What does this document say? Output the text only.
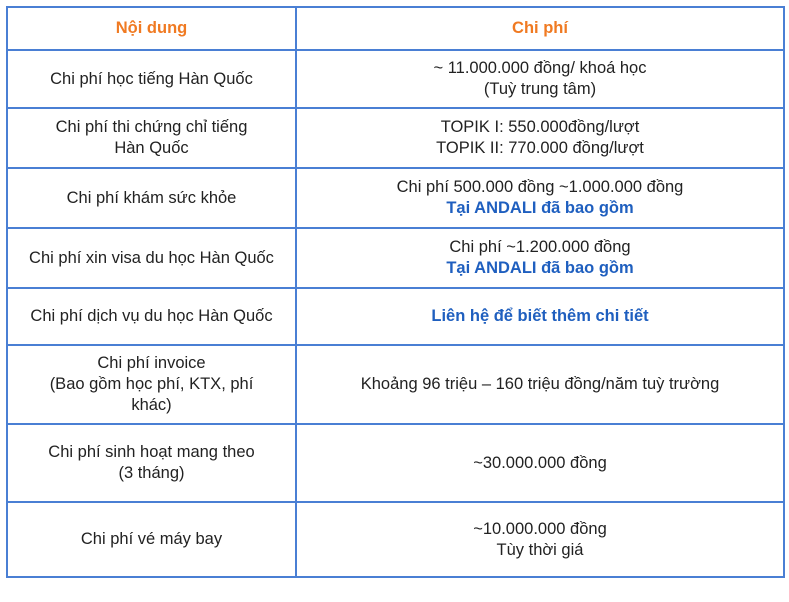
Nội dung	Chi phí

Chi phí học tiếng Hàn Quốc	~ 11.000.000 đồng/ khoá học
(Tuỳ trung tâm)

Chi phí thi chứng chỉ tiếng
Hàn Quốc	TOPIK I: 550.000đồng/lượt
TOPIK II: 770.000 đồng/lượt

Chi phí khám sức khỏe	Chi phí 500.000 đồng ~1.000.000 đồng
Tại ANDALI đã bao gồm

Chi phí xin visa du học Hàn Quốc	Chi phí ~1.200.000 đồng
Tại ANDALI đã bao gồm

Chi phí dịch vụ du học Hàn Quốc	Liên hệ để biết thêm chi tiết

Chi phí invoice
(Bao gồm học phí, KTX, phí
khác)	Khoảng 96 triệu – 160 triệu đồng/năm tuỳ trường

Chi phí sinh hoạt mang theo
(3 tháng)	~30.000.000 đồng

Chi phí vé máy bay	~10.000.000 đồng
Tùy thời giá
